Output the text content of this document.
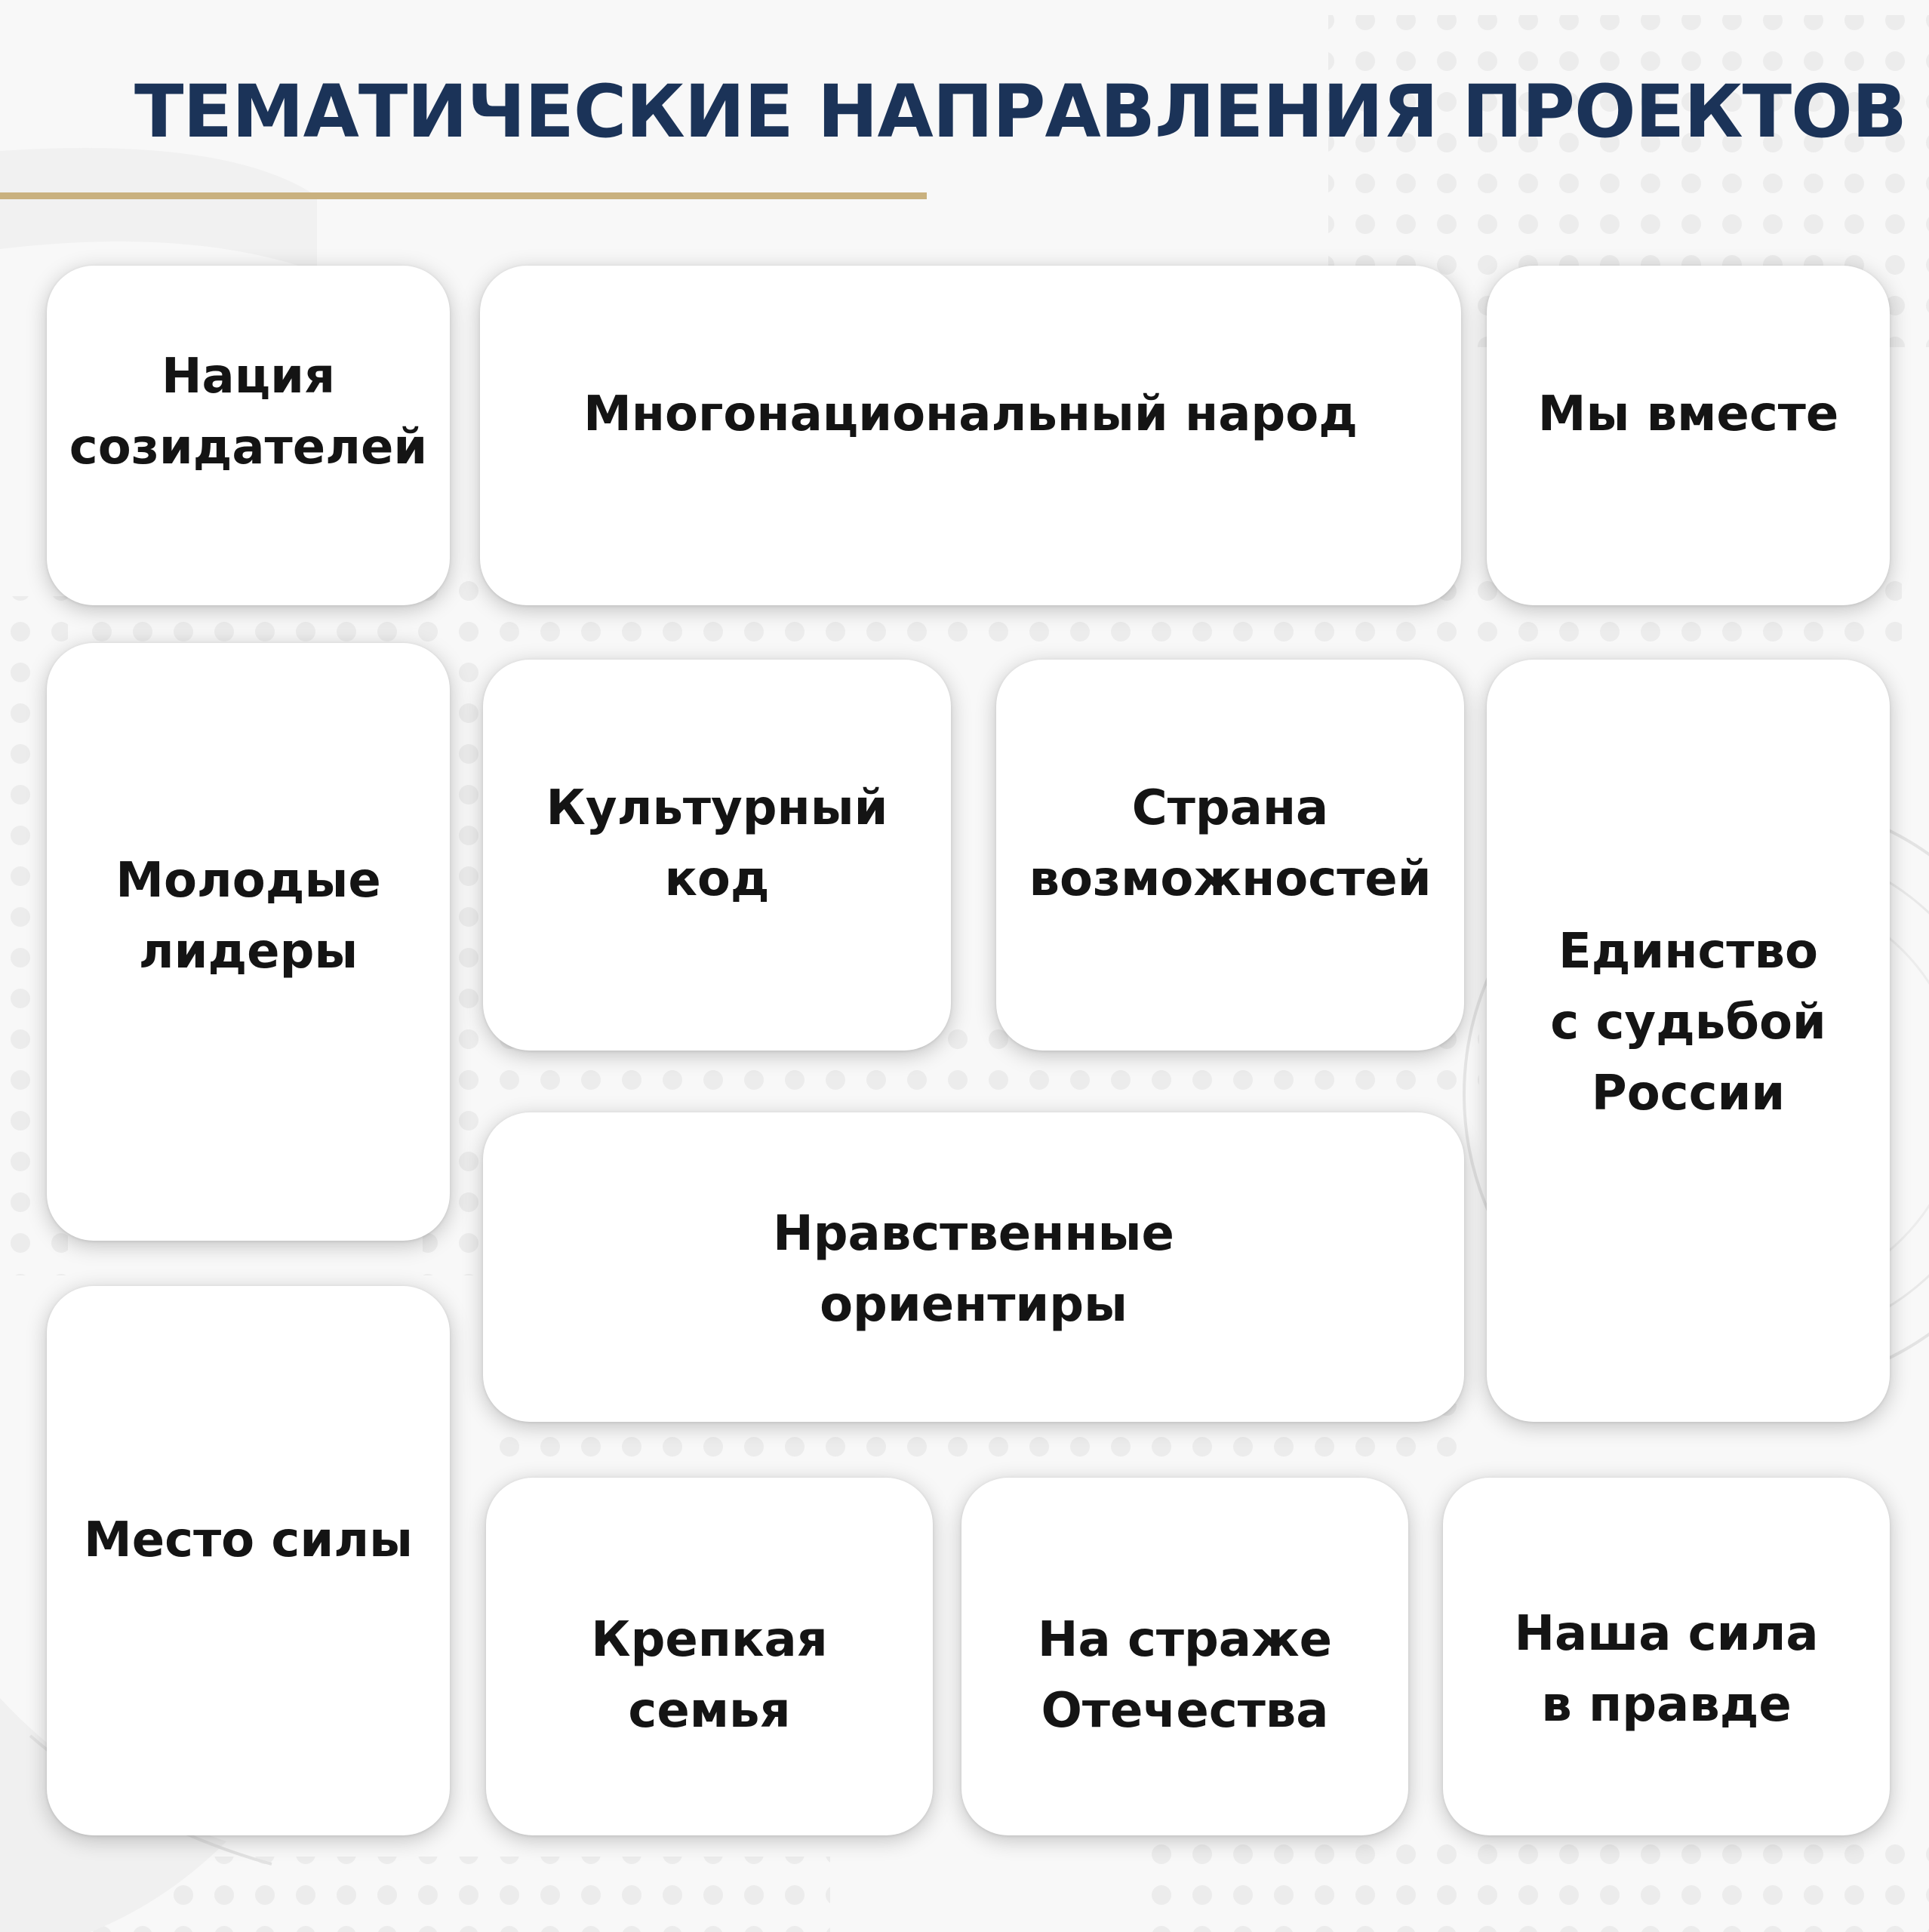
ТЕМАТИЧЕСКИЕ НАПРАВЛЕНИЯ ПРОЕКТОВ
Нация
созидателей
Многонациональный народ	Мы вместе
Молодые
лидеры
Культурный
код
Страна
возможностей
Единство
с судьбой
России
Нравственные
ориентиры
Место силы
Крепкая
семья
На страже
Отечества
Наша сила
в правде
